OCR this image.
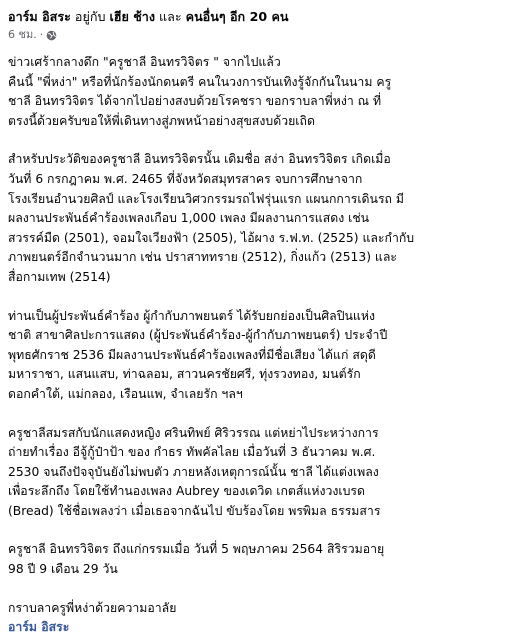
อาร์ม อิสระ อยู่กับ เฮีย ช้าง และ คนอื่นๆ อีก 20 คน
6 ชม. ·
ข่าวเศร้ากลางดึก "ครูชาลี อินทรวิจิตร " จากไปแล้ว
คืนนี้ "พี่หง่า" หรือที่นักร้องนักดนตรี คนในวงการบันเทิงรู้จักกันในนาม ครู
ชาลี อินทรวิจิตร ได้จากไปอย่างสงบด้วยโรคชรา ขอกราบลาพี่หง่า ณ ที่
ตรงนี้ด้วยครับขอให้พี่เดินทางสู่ภพหน้าอย่างสุขสงบด้วยเถิด
สำหรับประวัติของครูชาลี อินทรวิจิตรนั้น เดิมชื่อ สง่า อินทรวิจิตร เกิดเมื่อ
วันที่ 6 กรกฎาคม พ.ศ. 2465 ที่จังหวัดสมุทรสาคร จบการศึกษาจาก
โรงเรียนอำนวยศิลป์ และโรงเรียนวิศวกรรมรถไฟรุ่นแรก แผนกการเดินรถ มี
ผลงานประพันธ์คำร้องเพลงเกือบ 1,000 เพลง มีผลงานการแสดง เช่น
สวรรค์มืด (2501), จอมใจเวียงฟ้า (2505), ไอ้ผาง ร.ฟ.ท. (2525) และกำกับ
ภาพยนตร์อีกจำนวนมาก เช่น ปราสาททราย (2512), กิ่งแก้ว (2513) และ
สื่อกามเทพ (2514)
ท่านเป็นผู้ประพันธ์คำร้อง ผู้กำกับภาพยนตร์ ได้รับยกย่องเป็นศิลปินแห่ง
ชาติ สาขาศิลปะการแสดง (ผู้ประพันธ์คำร้อง-ผู้กำกับภาพยนตร์) ประจำปี
พุทธศักราช 2536 มีผลงานประพันธ์คำร้องเพลงที่มีชื่อเสียง ได้แก่ สดุดี
มหาราชา, แสนแสบ, ท่าฉลอม, สาวนครชัยศรี, ทุ่งรวงทอง, มนต์รัก
ดอกคำใต้, แม่กลอง, เรือนแพ, จำเลยรัก ฯลฯ
ครูชาลีสมรสกับนักแสดงหญิง ศรินทิพย์ ศิริวรรณ แต่หย่าไประหว่างการ
ถ่ายทำเรื่อง อีจู้กู้ป๋าป้า ของ กำธร ทัพคัลไลย เมื่อวันที่ 3 ธันวาคม พ.ศ.
2530 จนถึงปัจจุบันยังไม่พบตัว ภายหลังเหตุการณ์นั้น ชาลี ได้แต่งเพลง
เพื่อระลึกถึง โดยใช้ทำนองเพลง Aubrey ของเดวิด เกตส์แห่งวงเบรด
(Bread) ใช้ชื่อเพลงว่า เมื่อเธอจากฉันไป ขับร้องโดย พรพิมล ธรรมสาร
ครูชาลี อินทรวิจิตร ถึงแก่กรรมเมื่อ วันที่ 5 พฤษภาคม 2564 สิริรวมอายุ
98 ปี 9 เดือน 29 วัน
กราบลาครูพี่หง่าด้วยความอาลัย
อาร์ม อิสระ
